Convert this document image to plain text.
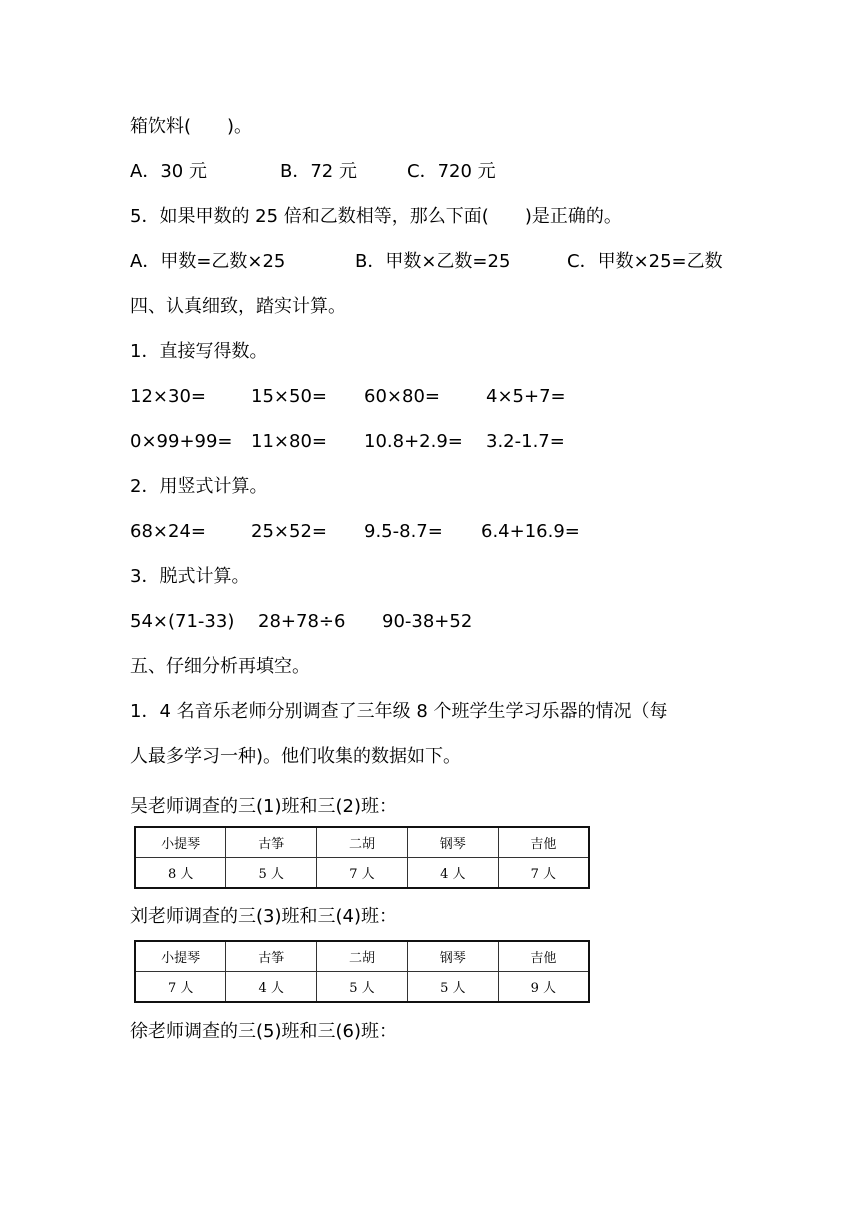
箱饮料(　　)。
A．30 元	B．72 元	C．720 元
5．如果甲数的 25 倍和乙数相等，那么下面(　　)是正确的。
A．甲数=乙数×25	B．甲数×乙数=25	C．甲数×25=乙数
四、认真细致，踏实计算。
1．直接写得数。
12×30=	15×50= 60×80=	4×5+7=
0×99+99= 11×80= 10.8+2.9= 3.2-1.7=
2．用竖式计算。
68×24=	25×52= 9.5-8.7= 6.4+16.9=
3．脱式计算。
54×(71-33) 28+78÷6 90-38+52
五、仔细分析再填空。
1．4 名音乐老师分别调查了三年级 8 个班学生学习乐器的情况（每
人最多学习一种)。他们收集的数据如下。
吴老师调查的三(1)班和三(2)班：
小提琴	古筝	二胡	钢琴	吉他
8 人	5 人	7 人	4 人	7 人
刘老师调查的三(3)班和三(4)班：
小提琴	古筝	二胡	钢琴	吉他
7 人	4 人	5 人	5 人	9 人
徐老师调查的三(5)班和三(6)班：
